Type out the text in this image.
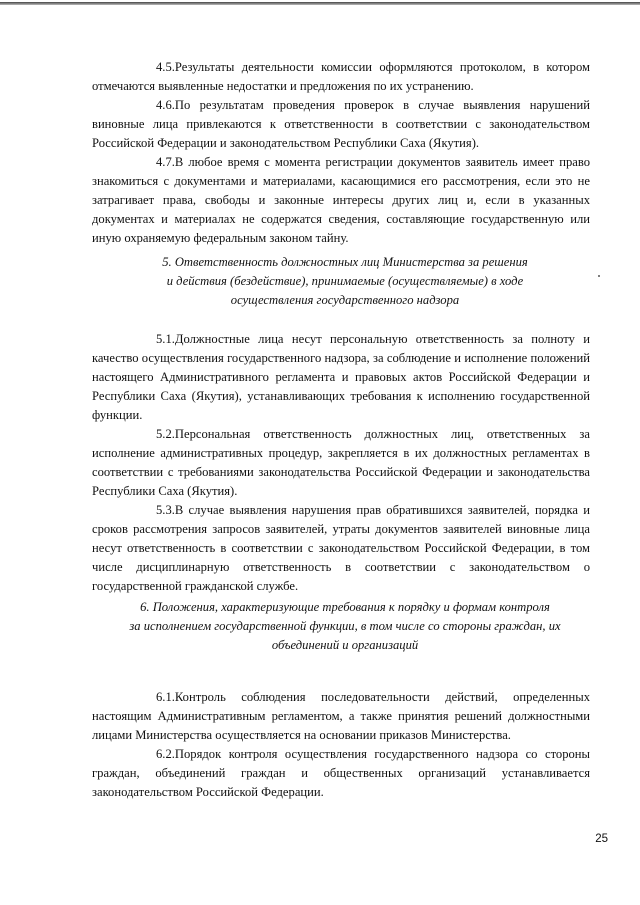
4.5.Результаты деятельности комиссии оформляются протоколом, в котором отмечаются выявленные недостатки и предложения по их устранению.

4.6.По результатам проведения проверок в случае выявления нарушений виновные лица привлекаются к ответственности в соответствии с законодательством Российской Федерации и законодательством Республики Саха (Якутия).

4.7.В любое время с момента регистрации документов заявитель имеет право знакомиться с документами и материалами, касающимися его рассмотрения, если это не затрагивает права, свободы и законные интересы других лиц и, если в указанных документах и материалах не содержатся сведения, составляющие государственную или иную охраняемую федеральным законом тайну.

5. Ответственность должностных лиц Министерства за решения
и действия (бездействие), принимаемые (осуществляемые) в ходе
осуществления государственного надзора

5.1.Должностные лица несут персональную ответственность за полноту и качество осуществления государственного надзора, за соблюдение и исполнение положений настоящего Административного регламента и правовых актов Российской Федерации и Республики Саха (Якутия), устанавливающих требования к исполнению государственной функции.

5.2.Персональная ответственность должностных лиц, ответственных за исполнение административных процедур, закрепляется в их должностных регламентах в соответствии с требованиями законодательства Российской Федерации и законодательства Республики Саха (Якутия).

5.3.В случае выявления нарушения прав обратившихся заявителей, порядка и сроков рассмотрения запросов заявителей, утраты документов заявителей виновные лица несут ответственность в соответствии с законодательством Российской Федерации, в том числе дисциплинарную ответственность в соответствии с законодательством о государственной гражданской службе.

6. Положения, характеризующие требования к порядку и формам контроля
за исполнением государственной функции, в том числе со стороны граждан, их
объединений и организаций

6.1.Контроль соблюдения последовательности действий, определенных настоящим Административным регламентом, а также принятия решений должностными лицами Министерства осуществляется на основании приказов Министерства.

6.2.Порядок контроля осуществления государственного надзора со стороны граждан, объединений граждан и общественных организаций устанавливается законодательством Российской Федерации.

25
